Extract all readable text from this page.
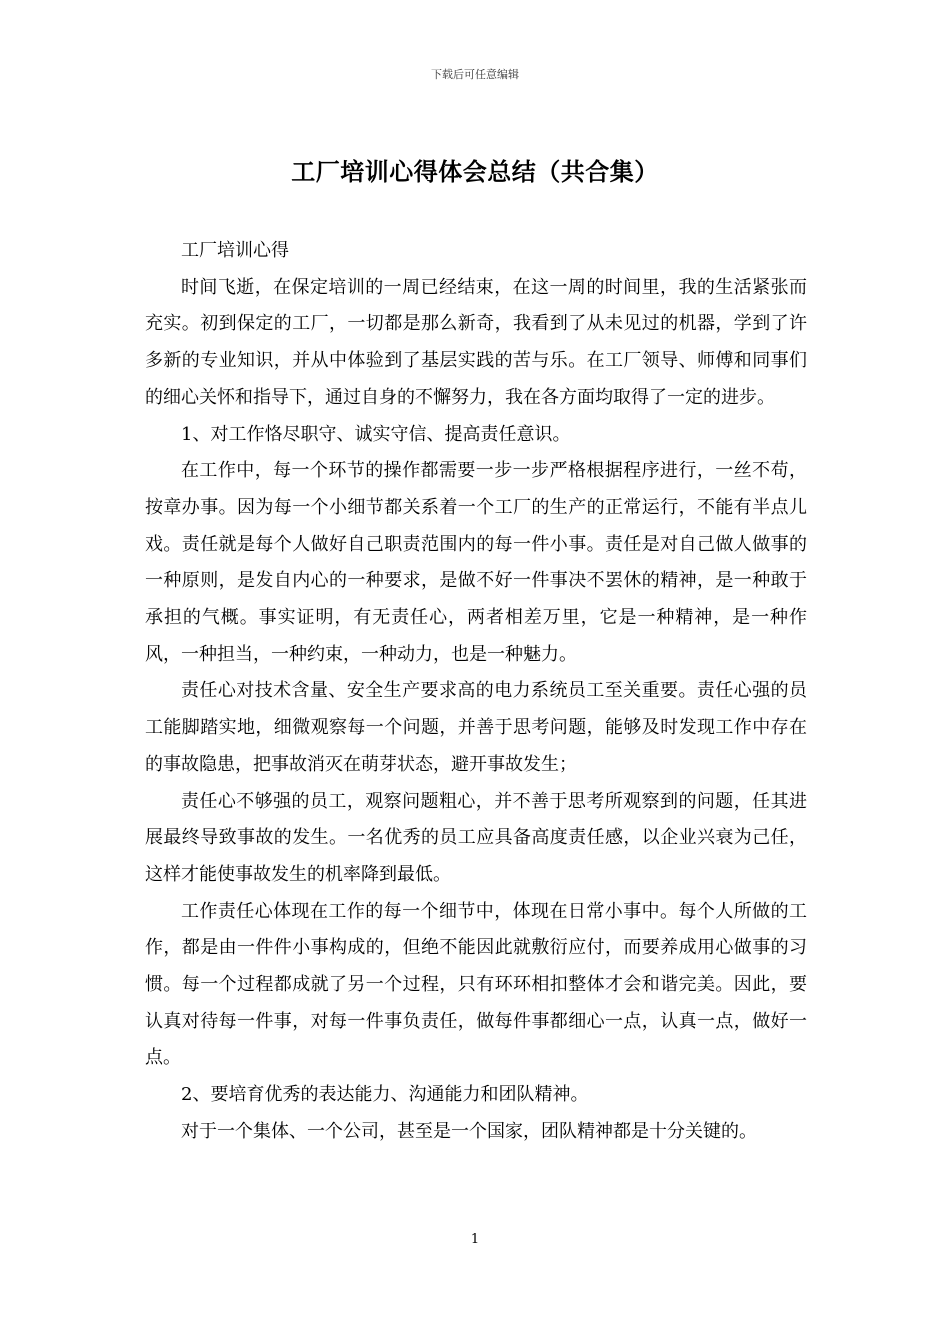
下载后可任意编辑
工厂培训心得体会总结（共合集）

工厂培训心得

时间飞逝，在保定培训的一周已经结束，在这一周的时间里，我的生活紧张而充实。初到保定的工厂，一切都是那么新奇，我看到了从未见过的机器，学到了许多新的专业知识，并从中体验到了基层实践的苦与乐。在工厂领导、师傅和同事们的细心关怀和指导下，通过自身的不懈努力，我在各方面均取得了一定的进步。

1、对工作恪尽职守、诚实守信、提高责任意识。

在工作中，每一个环节的操作都需要一步一步严格根据程序进行，一丝不苟，按章办事。因为每一个小细节都关系着一个工厂的生产的正常运行，不能有半点儿戏。责任就是每个人做好自己职责范围内的每一件小事。责任是对自己做人做事的一种原则，是发自内心的一种要求，是做不好一件事决不罢休的精神，是一种敢于承担的气概。事实证明，有无责任心，两者相差万里，它是一种精神，是一种作风，一种担当，一种约束，一种动力，也是一种魅力。

责任心对技术含量、安全生产要求高的电力系统员工至关重要。责任心强的员工能脚踏实地，细微观察每一个问题，并善于思考问题，能够及时发现工作中存在的事故隐患，把事故消灭在萌芽状态，避开事故发生；

责任心不够强的员工，观察问题粗心，并不善于思考所观察到的问题，任其进展最终导致事故的发生。一名优秀的员工应具备高度责任感，以企业兴衰为己任，这样才能使事故发生的机率降到最低。

工作责任心体现在工作的每一个细节中，体现在日常小事中。每个人所做的工作，都是由一件件小事构成的，但绝不能因此就敷衍应付，而要养成用心做事的习惯。每一个过程都成就了另一个过程，只有环环相扣整体才会和谐完美。因此，要认真对待每一件事，对每一件事负责任，做每件事都细心一点，认真一点，做好一点。

2、要培育优秀的表达能力、沟通能力和团队精神。

对于一个集体、一个公司，甚至是一个国家，团队精神都是十分关键的。

1
